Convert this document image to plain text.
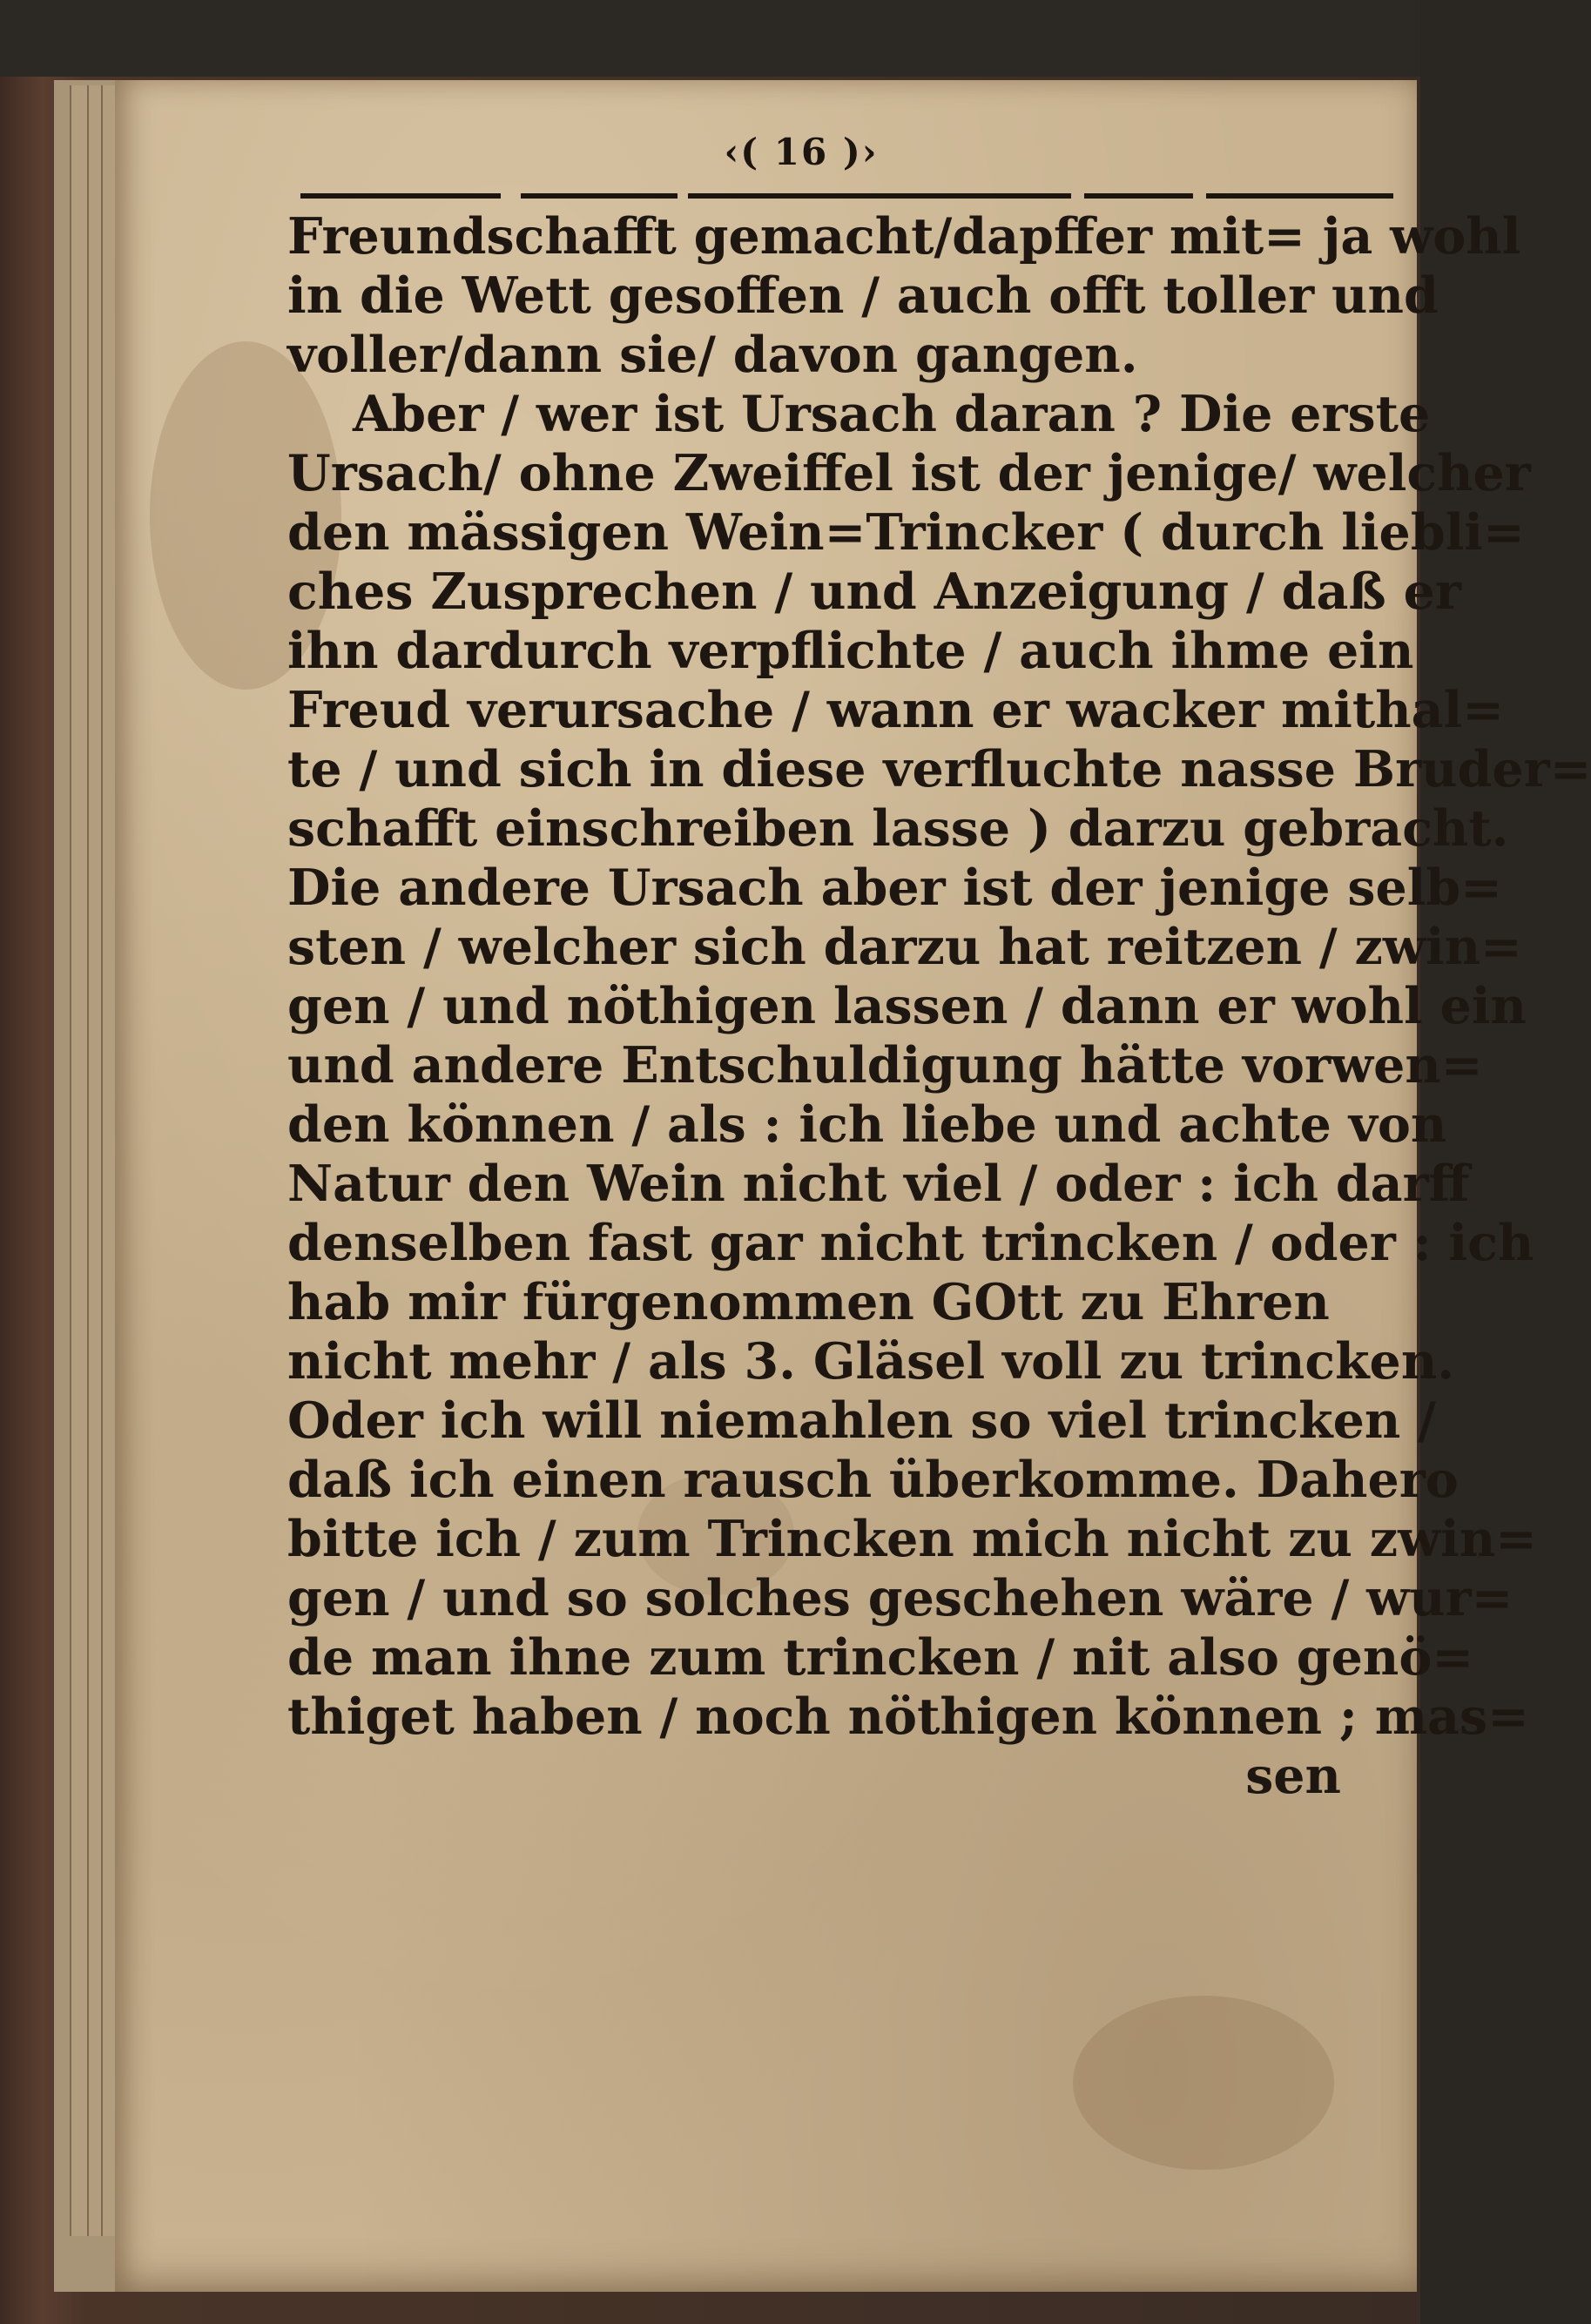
‹( 16 )›
Freundschafft gemacht/dapffer mit= ja wohl
in die Wett gesoffen / auch offt toller und
voller/dann sie/ davon gangen.
Aber / wer ist Ursach daran ? Die erste
Ursach/ ohne Zweiffel ist der jenige/ welcher
den mässigen Wein=Trincker ( durch liebli=
ches Zusprechen / und Anzeigung / daß er
ihn dardurch verpflichte / auch ihme ein
Freud verursache / wann er wacker mithal=
te / und sich in diese verfluchte nasse Bruder=
schafft einschreiben lasse ) darzu gebracht.
Die andere Ursach aber ist der jenige selb=
sten / welcher sich darzu hat reitzen / zwin=
gen / und nöthigen lassen / dann er wohl ein
und andere Entschuldigung hätte vorwen=
den können / als : ich liebe und achte von
Natur den Wein nicht viel / oder : ich darff
denselben fast gar nicht trincken / oder : ich
hab mir fürgenommen GOtt zu Ehren
nicht mehr / als 3. Gläsel voll zu trincken.
Oder ich will niemahlen so viel trincken /
daß ich einen rausch überkomme. Dahero
bitte ich / zum Trincken mich nicht zu zwin=
gen / und so solches geschehen wäre / wur=
de man ihne zum trincken / nit also genö=
thiget haben / noch nöthigen können ; mas=
sen
